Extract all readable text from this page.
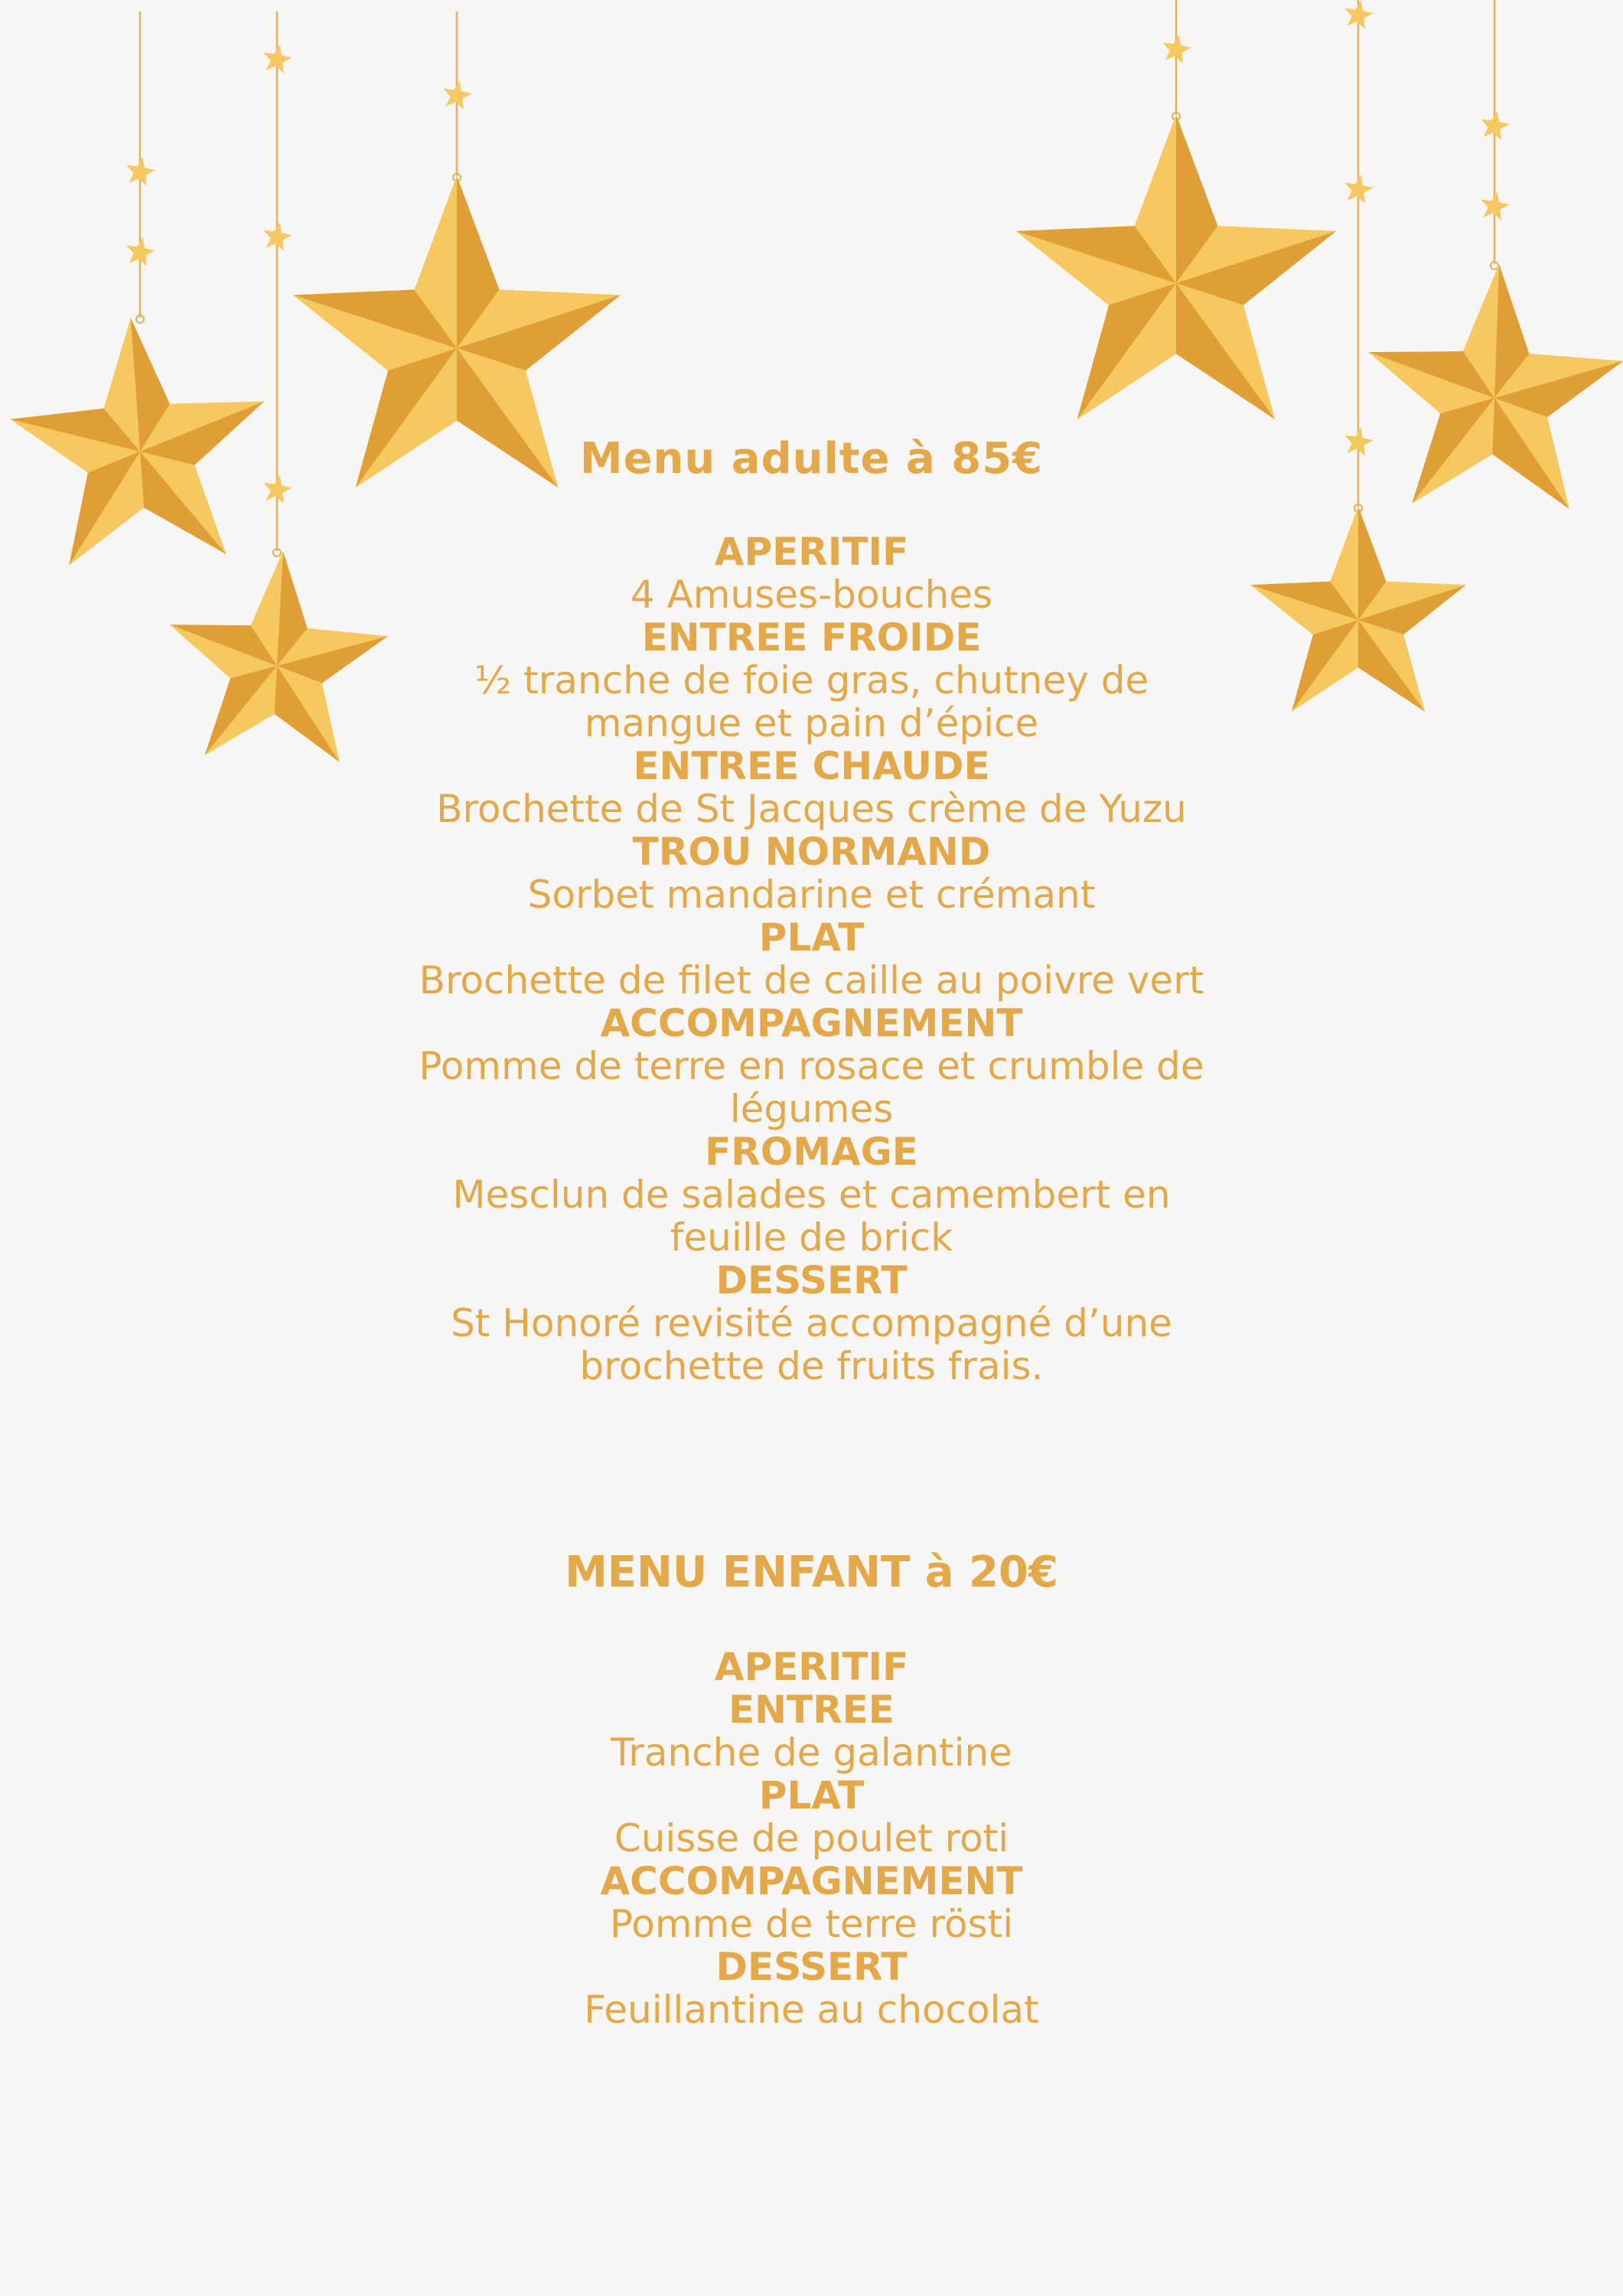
Menu adulte à 85€

APERITIF
4 Amuses-bouches
ENTREE FROIDE
½ tranche de foie gras, chutney de mangue et pain d’épice
ENTREE CHAUDE
Brochette de St Jacques crème de Yuzu
TROU NORMAND
Sorbet mandarine et crémant
PLAT
Brochette de filet de caille au poivre vert
ACCOMPAGNEMENT
Pomme de terre en rosace et crumble de légumes
FROMAGE
Mesclun de salades et camembert en feuille de brick
DESSERT
St Honoré revisité accompagné d’une brochette de fruits frais.

MENU ENFANT à 20€

APERITIF
ENTREE
Tranche de galantine
PLAT
Cuisse de poulet roti
ACCOMPAGNEMENT
Pomme de terre rösti
DESSERT
Feuillantine au chocolat
